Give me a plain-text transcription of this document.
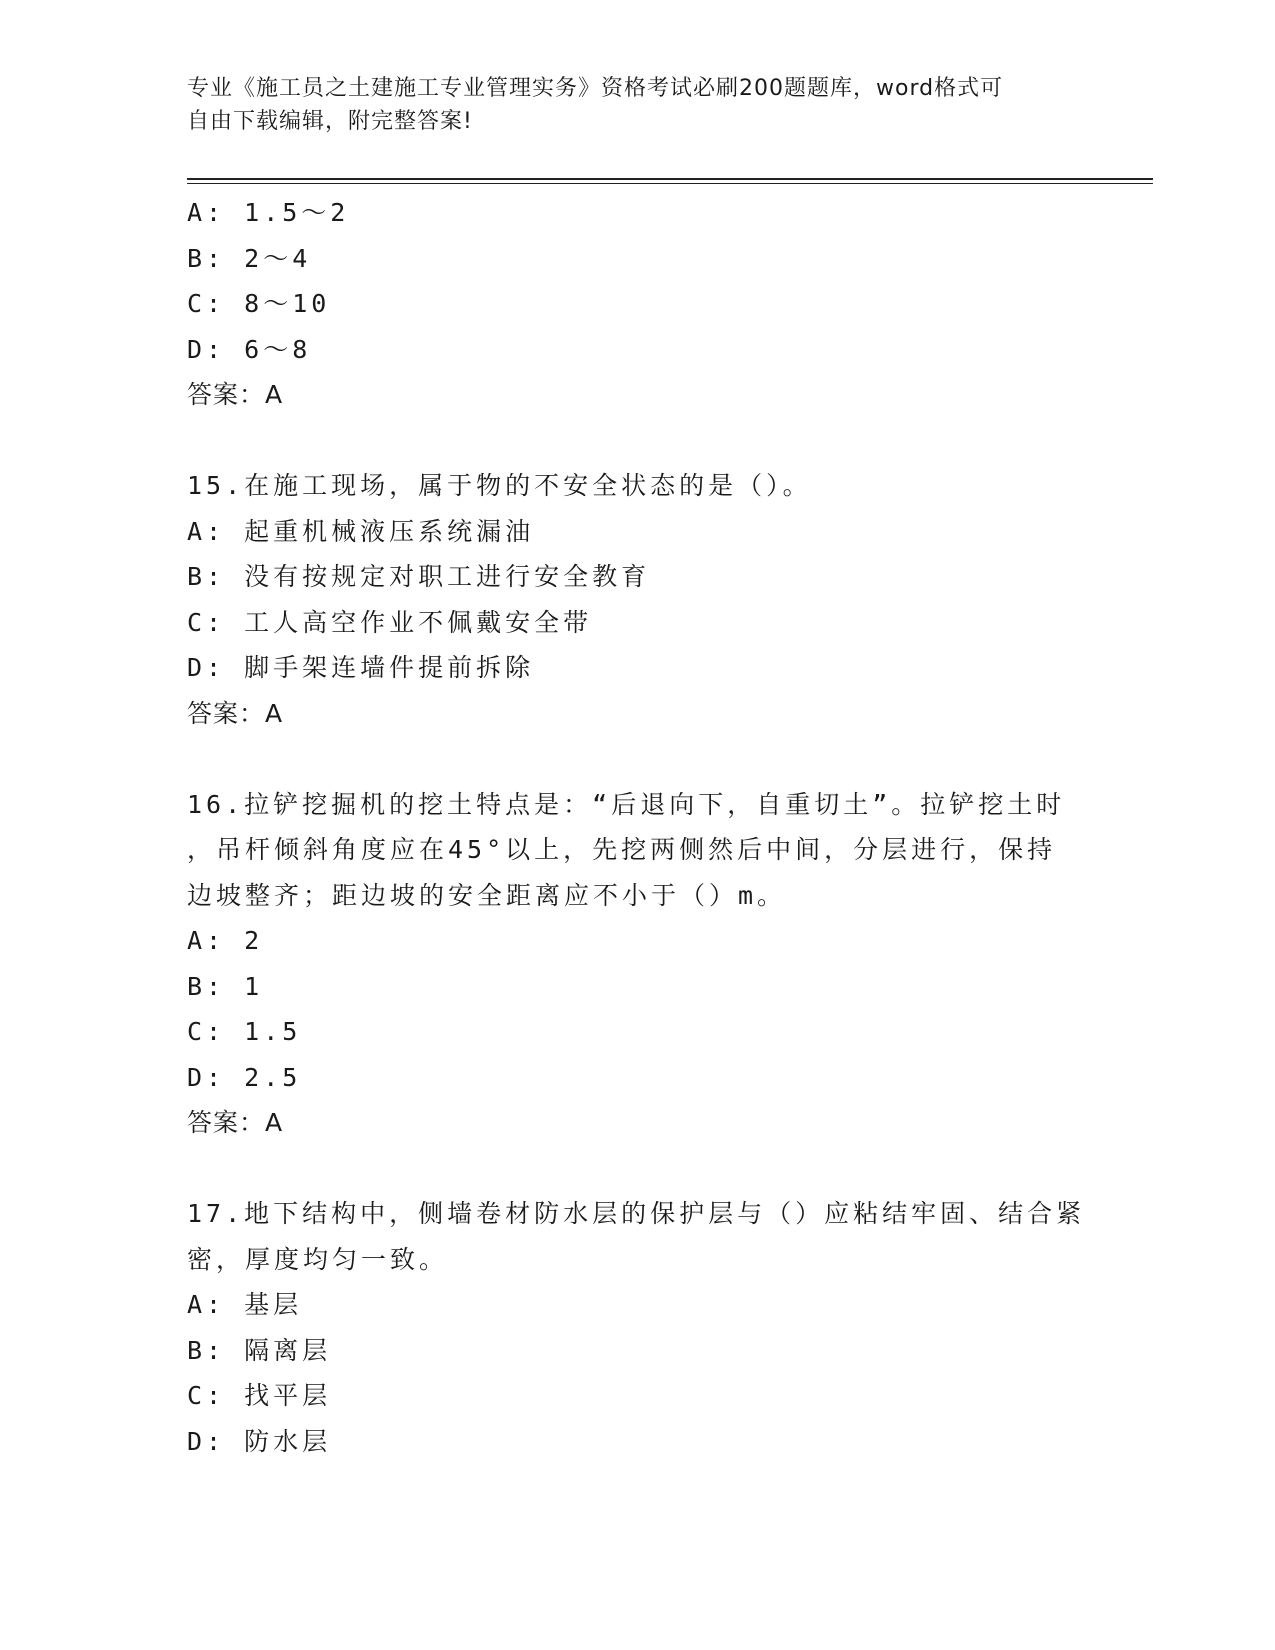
专业《施工员之土建施工专业管理实务》资格考试必刷200题题库，word格式可
自由下载编辑，附完整答案!
A: 1.5～2
B: 2～4
C: 8～10
D: 6～8
答案：A
15.在施工现场，属于物的不安全状态的是（）。
A: 起重机械液压系统漏油
B: 没有按规定对职工进行安全教育
C: 工人高空作业不佩戴安全带
D: 脚手架连墙件提前拆除
答案：A
16.拉铲挖掘机的挖土特点是：“后退向下，自重切土”。拉铲挖土时
，吊杆倾斜角度应在45°以上，先挖两侧然后中间，分层进行，保持
边坡整齐；距边坡的安全距离应不小于（）m。
A: 2
B: 1
C: 1.5
D: 2.5
答案：A
17.地下结构中，侧墙卷材防水层的保护层与（）应粘结牢固、结合紧
密，厚度均匀一致。
A: 基层
B: 隔离层
C: 找平层
D: 防水层
